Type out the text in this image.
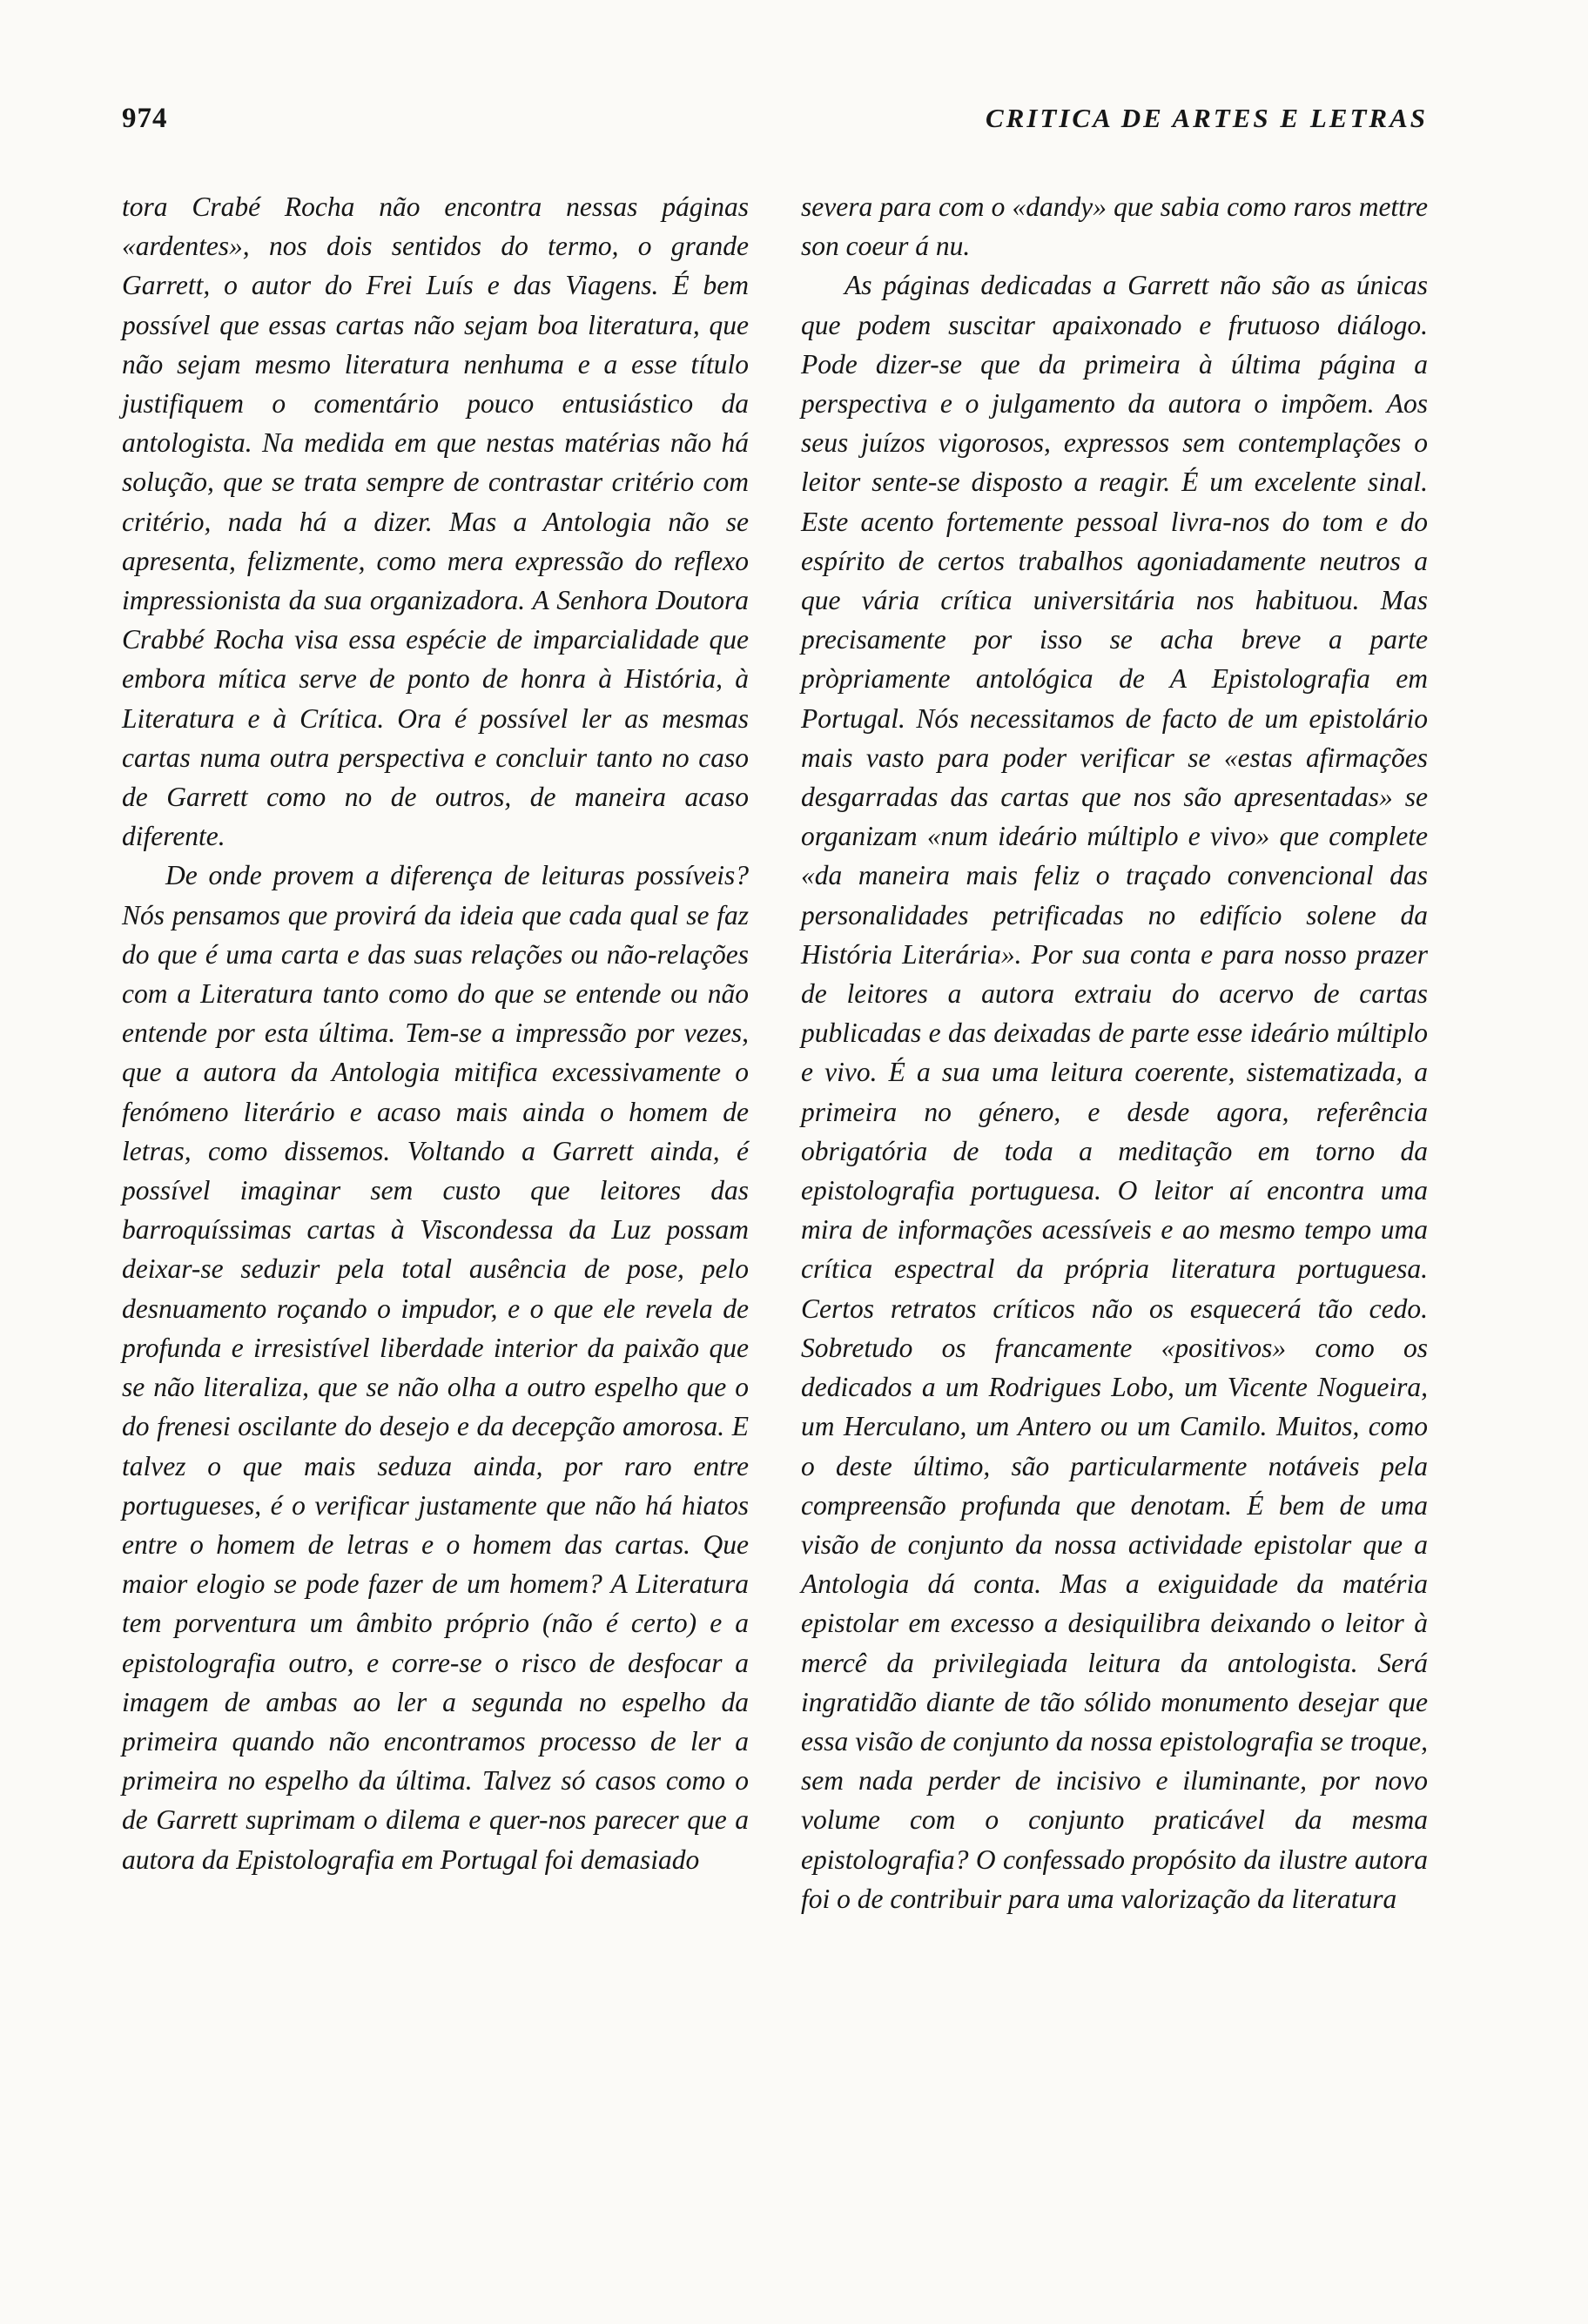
974	CRITICA DE ARTES E LETRAS

tora Crabé Rocha não encontra nessas páginas «ardentes», nos dois sentidos do termo, o grande Garrett, o autor do Frei Luís e das Viagens. É bem possível que essas cartas não sejam boa literatura, que não sejam mesmo literatura nenhuma e a esse título justifiquem o comentário pouco entusiástico da antologista. Na medida em que nestas matérias não há solução, que se trata sempre de contrastar critério com critério, nada há a dizer. Mas a Antologia não se apresenta, felizmente, como mera expressão do reflexo impressionista da sua organizadora. A Senhora Doutora Crabbé Rocha visa essa espécie de imparcialidade que embora mítica serve de ponto de honra à História, à Literatura e à Crítica. Ora é possível ler as mesmas cartas numa outra perspectiva e concluir tanto no caso de Garrett como no de outros, de maneira acaso diferente.

De onde provem a diferença de leituras possíveis? Nós pensamos que provirá da ideia que cada qual se faz do que é uma carta e das suas relações ou não-relações com a Literatura tanto como do que se entende ou não entende por esta última. Tem-se a impressão por vezes, que a autora da Antologia mitifica excessivamente o fenómeno literário e acaso mais ainda o homem de letras, como dissemos. Voltando a Garrett ainda, é possível imaginar sem custo que leitores das barroquíssimas cartas à Viscondessa da Luz possam deixar-se seduzir pela total ausência de pose, pelo desnuamento roçando o impudor, e o que ele revela de profunda e irresistível liberdade interior da paixão que se não literaliza, que se não olha a outro espelho que o do frenesi oscilante do desejo e da decepção amorosa. E talvez o que mais seduza ainda, por raro entre portugueses, é o verificar justamente que não há hiatos entre o homem de letras e o homem das cartas. Que maior elogio se pode fazer de um homem? A Literatura tem porventura um âmbito próprio (não é certo) e a epistolografia outro, e corre-se o risco de desfocar a imagem de ambas ao ler a segunda no espelho da primeira quando não encontramos processo de ler a primeira no espelho da última. Talvez só casos como o de Garrett suprimam o dilema e quer-nos parecer que a autora da Epistolografia em Portugal foi demasiado

severa para com o «dandy» que sabia como raros mettre son coeur á nu.

As páginas dedicadas a Garrett não são as únicas que podem suscitar apaixonado e frutuoso diálogo. Pode dizer-se que da primeira à última página a perspectiva e o julgamento da autora o impõem. Aos seus juízos vigorosos, expressos sem contemplações o leitor sente-se disposto a reagir. É um excelente sinal. Este acento fortemente pessoal livra-nos do tom e do espírito de certos trabalhos agoniadamente neutros a que vária crítica universitária nos habituou. Mas precisamente por isso se acha breve a parte pròpriamente antológica de A Epistolografia em Portugal. Nós necessitamos de facto de um epistolário mais vasto para poder verificar se «estas afirmações desgarradas das cartas que nos são apresentadas» se organizam «num ideário múltiplo e vivo» que complete «da maneira mais feliz o traçado convencional das personalidades petrificadas no edifício solene da História Literária». Por sua conta e para nosso prazer de leitores a autora extraiu do acervo de cartas publicadas e das deixadas de parte esse ideário múltiplo e vivo. É a sua uma leitura coerente, sistematizada, a primeira no género, e desde agora, referência obrigatória de toda a meditação em torno da epistolografia portuguesa. O leitor aí encontra uma mira de informações acessíveis e ao mesmo tempo uma crítica espectral da própria literatura portuguesa. Certos retratos críticos não os esquecerá tão cedo. Sobretudo os francamente «positivos» como os dedicados a um Rodrigues Lobo, um Vicente Nogueira, um Herculano, um Antero ou um Camilo. Muitos, como o deste último, são particularmente notáveis pela compreensão profunda que denotam. É bem de uma visão de conjunto da nossa actividade epistolar que a Antologia dá conta. Mas a exiguidade da matéria epistolar em excesso a desiquilibra deixando o leitor à mercê da privilegiada leitura da antologista. Será ingratidão diante de tão sólido monumento desejar que essa visão de conjunto da nossa epistolografia se troque, sem nada perder de incisivo e iluminante, por novo volume com o conjunto praticável da mesma epistolografia? O confessado propósito da ilustre autora foi o de contribuir para uma valorização da literatura
